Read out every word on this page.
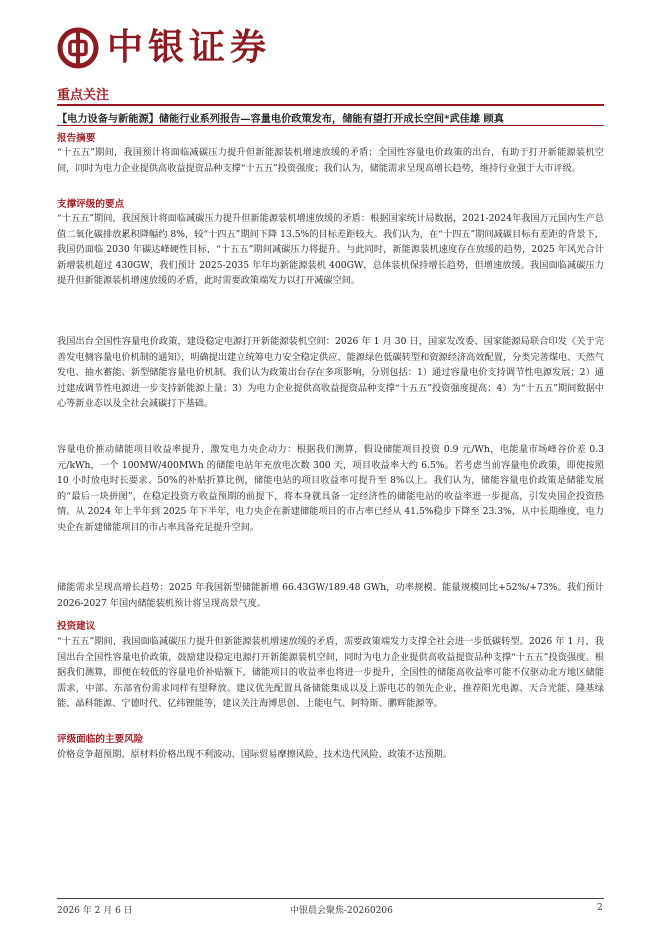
中银证券
重点关注
【电力设备与新能源】储能行业系列报告—容量电价政策发布，储能有望打开成长空间*武佳雄 顾真
报告摘要

“十五五”期间，我国预计将面临减碳压力提升但新能源装机增速放缓的矛盾；全国性容量电价政策的出台，有助于打开新能源装机空间，同时为电力企业提供高收益提资品种支撑“十五五”投资强度；我们认为，储能需求呈现高增长趋势，维持行业强于大市评级。

支撑评级的要点

“十五五”期间，我国预计将面临减碳压力提升但新能源装机增速放缓的矛盾：根据国家统计局数据，2021-2024年我国万元国内生产总值二氧化碳排放累积降幅约 8%，较“十四五”期间下降 13.5%的目标差距较大。我们认为，在“十四五”期间减碳目标有差距的背景下，我国仍面临 2030 年碳达峰硬性目标，“十五五”期间减碳压力将提升。与此同时，新能源装机速度存在放缓的趋势，2025 年风光合计新增装机超过 430GW，我们预计 2025-2035 年年均新能源装机 400GW，总体装机保持增长趋势，但增速放缓。我国面临减碳压力提升但新能源装机增速放缓的矛盾，此时需要政策端发力以打开减碳空间。

我国出台全国性容量电价政策，建设稳定电源打开新能源装机空间：2026 年 1 月 30 日，国家发改委、国家能源局联合印发《关于完善发电侧容量电价机制的通知》，明确提出建立统筹电力安全稳定供应、能源绿色低碳转型和资源经济高效配置，分类完善煤电、天然气发电、抽水蓄能、新型储能容量电价机制。我们认为政策出台存在多项影响，分别包括：1）通过容量电价支持调节性电源发展；2）通过建成调节性电源进一步支持新能源上量；3）为电力企业提供高收益提资品种支撑“十五五”投资强度提高；4）为“十五五”期间数据中心等新业态以及全社会减碳打下基础。

容量电价推动储能项目收益率提升，激发电力央企动力：根据我们测算，假设储能项目投资 0.9 元/Wh，电能量市场峰谷价差 0.3 元/kWh，一个 100MW/400MWh 的储能电站年充放电次数 300 天，项目收益率大约 6.5%。若考虑当前容量电价政策，即使按照 10 小时放电时长要求、50%的补贴折算比例，储能电站的项目收益率可提升至 8%以上。我们认为，储能容量电价政策是储能发展的“最后一块拼图”，在稳定投资方收益预期的前提下，将本身就具备一定经济性的储能电站的收益率进一步提高，引发央国企投资热情。从 2024 年上半年到 2025 年下半年，电力央企在新建储能项目的市占率已经从 41.5%稳步下降至 23.3%，从中长期维度，电力央企在新建储能项目的市占率具备充足提升空间。

储能需求呈现高增长趋势：2025 年我国新型储能新增 66.43GW/189.48 GWh，功率规模、能量规模同比+52%/+73%。我们预计 2026-2027 年国内储能装机预计将呈现高景气度。

投资建议

“十五五”期间，我国面临减碳压力提升但新能源装机增速放缓的矛盾，需要政策端发力支撑全社会进一步低碳转型。2026 年 1 月，我国出台全国性容量电价政策，鼓励建设稳定电源打开新能源装机空间，同时为电力企业提供高收益提资品种支撑“十五五”投资强度。根据我们测算，即便在较低的容量电价补贴额下，储能项目的收益率也将进一步提升，全国性的储能高收益率可能不仅驱动北方地区储能需求，中部、东部省份需求同样有望释放。建议优先配置具备储能集成以及上游电芯的领先企业，推荐阳光电源、天合光能、隆基绿能、晶科能源、宁德时代、亿纬锂能等，建议关注海博思创、上能电气、阿特斯、鹏辉能源等。

评级面临的主要风险

价格竞争超预期、原材料价格出现不利波动、国际贸易摩擦风险、技术迭代风险、政策不达预期。

2026 年 2 月 6 日	中银晨会聚焦-20260206	2
